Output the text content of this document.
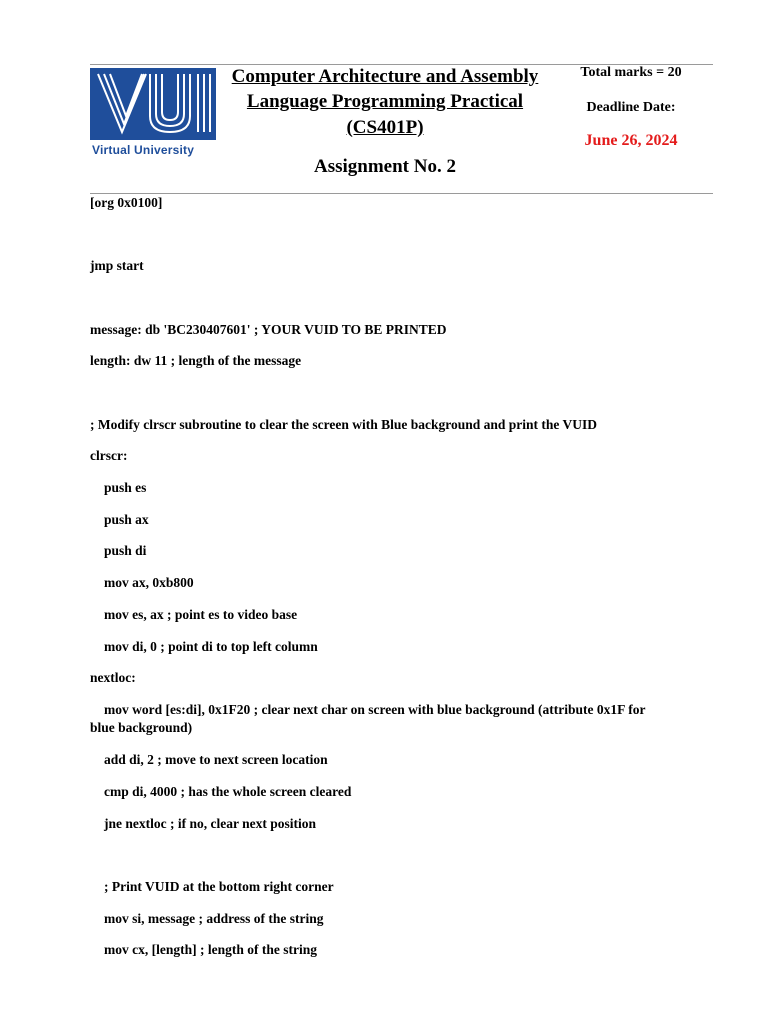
Virtual University
Computer Architecture and Assembly
Language Programming Practical
(CS401P)
Assignment No. 2
Total marks = 20
Deadline Date:
June 26, 2024
[org 0x0100]
jmp start
message: db 'BC230407601' ; YOUR VUID TO BE PRINTED
length: dw 11 ; length of the message
; Modify clrscr subroutine to clear the screen with Blue background and print the VUID
clrscr:
push es
push ax
push di
mov ax, 0xb800
mov es, ax ; point es to video base
mov di, 0 ; point di to top left column
nextloc:
mov word [es:di], 0x1F20 ; clear next char on screen with blue background (attribute 0x1F for blue background)
add di, 2 ; move to next screen location
cmp di, 4000 ; has the whole screen cleared
jne nextloc ; if no, clear next position
; Print VUID at the bottom right corner
mov si, message ; address of the string
mov cx, [length] ; length of the string
